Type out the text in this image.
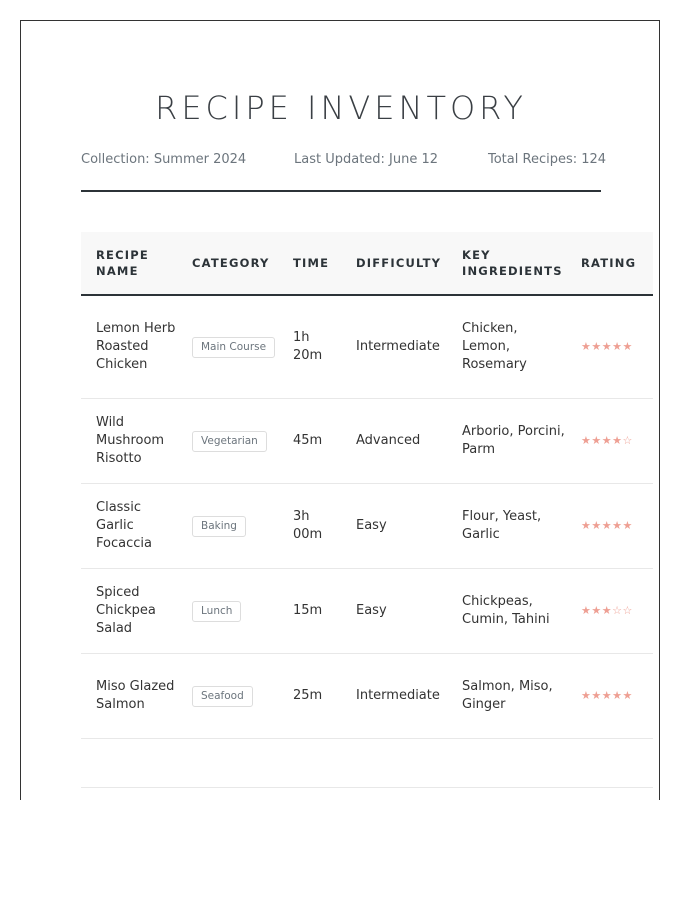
RECIPE INVENTORY
Collection: Summer 2024	Last Updated: June 12	Total Recipes: 124
RECIPE NAME	CATEGORY	TIME	DIFFICULTY	KEY INGREDIENTS	RATING
Lemon Herb Roasted Chicken	Main Course	1h 20m	Intermediate	Chicken, Lemon, Rosemary	★★★★★
Wild Mushroom Risotto	Vegetarian	45m	Advanced	Arborio, Porcini, Parm	★★★★☆
Classic Garlic Focaccia	Baking	3h 00m	Easy	Flour, Yeast, Garlic	★★★★★
Spiced Chickpea Salad	Lunch	15m	Easy	Chickpeas, Cumin, Tahini	★★★☆☆
Miso Glazed Salmon	Seafood	25m	Intermediate	Salmon, Miso, Ginger	★★★★★
